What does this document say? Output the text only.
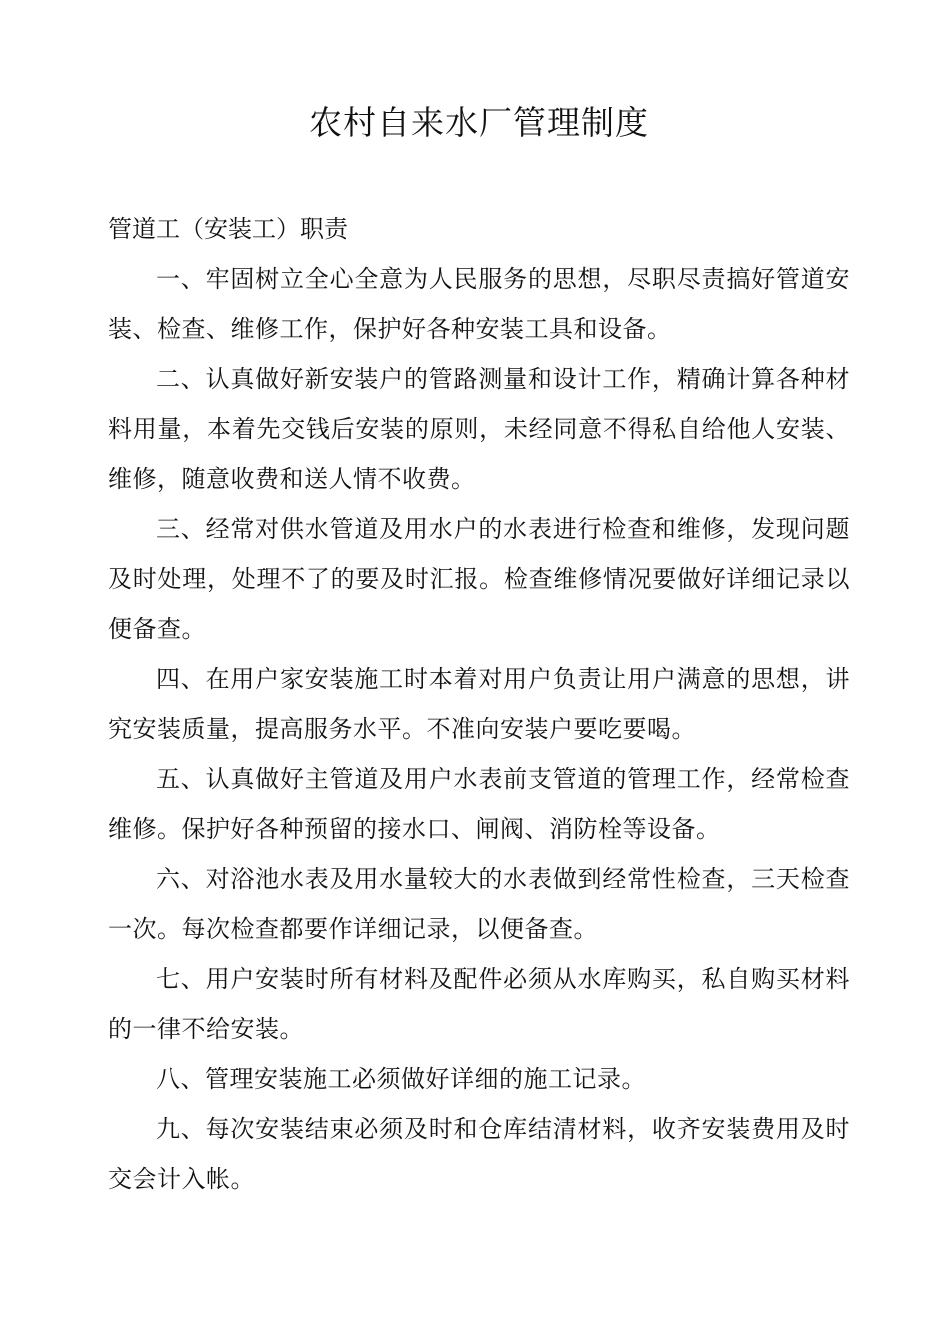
农村自来水厂管理制度

管道工（安装工）职责

一、牢固树立全心全意为人民服务的思想，尽职尽责搞好管道安装、检查、维修工作，保护好各种安装工具和设备。

二、认真做好新安装户的管路测量和设计工作，精确计算各种材料用量，本着先交钱后安装的原则，未经同意不得私自给他人安装、维修，随意收费和送人情不收费。

三、经常对供水管道及用水户的水表进行检查和维修，发现问题及时处理，处理不了的要及时汇报。检查维修情况要做好详细记录以便备查。

四、在用户家安装施工时本着对用户负责让用户满意的思想，讲究安装质量，提高服务水平。不准向安装户要吃要喝。

五、认真做好主管道及用户水表前支管道的管理工作，经常检查维修。保护好各种预留的接水口、闸阀、消防栓等设备。

六、对浴池水表及用水量较大的水表做到经常性检查，三天检查一次。每次检查都要作详细记录，以便备查。

七、用户安装时所有材料及配件必须从水库购买，私自购买材料的一律不给安装。

八、管理安装施工必须做好详细的施工记录。

九、每次安装结束必须及时和仓库结清材料，收齐安装费用及时交会计入帐。
